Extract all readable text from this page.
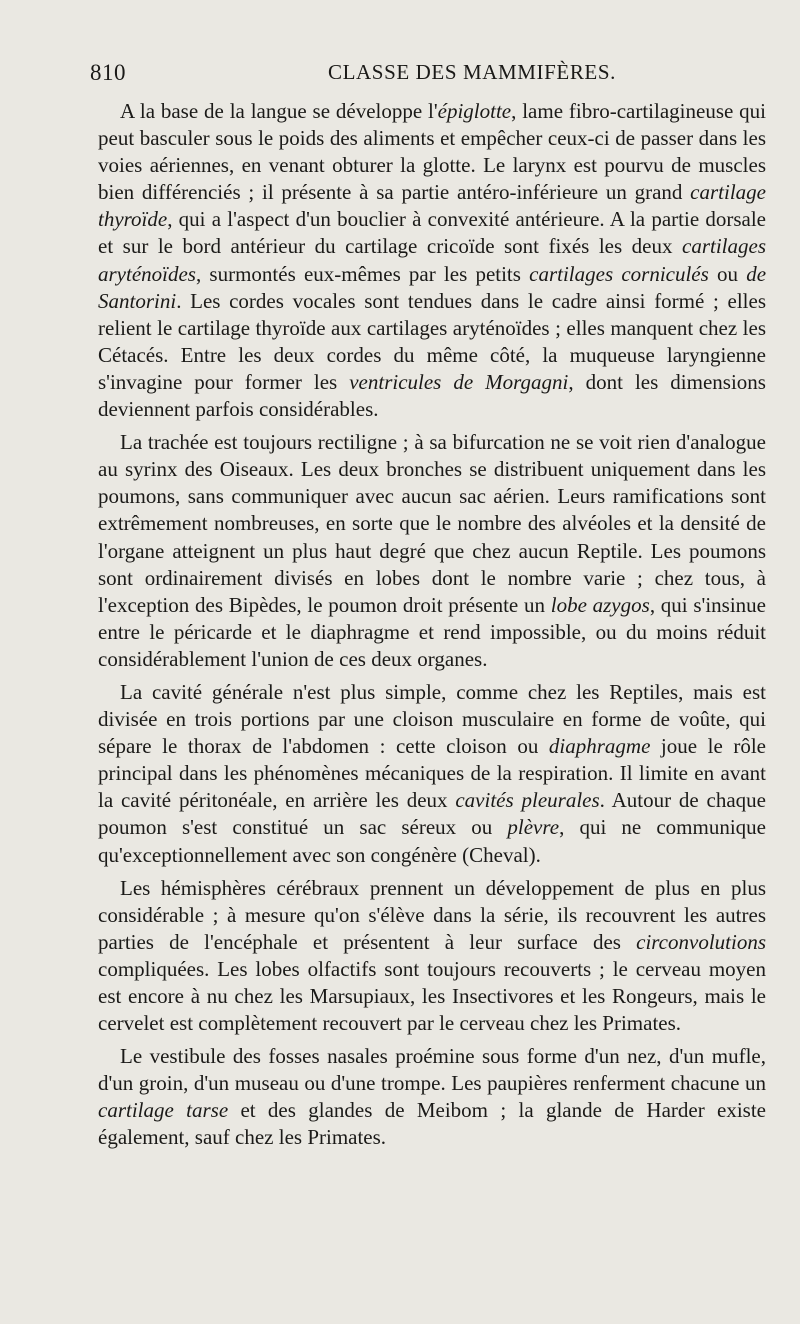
810	CLASSE DES MAMMIFÈRES.

A la base de la langue se développe l'épiglotte, lame fibro-cartilagineuse qui peut basculer sous le poids des aliments et empêcher ceux-ci de passer dans les voies aériennes, en venant obturer la glotte. Le larynx est pourvu de muscles bien différenciés ; il présente à sa partie antéro-inférieure un grand cartilage thyroïde, qui a l'aspect d'un bouclier à convexité antérieure. A la partie dorsale et sur le bord antérieur du cartilage cricoïde sont fixés les deux cartilages aryténoïdes, surmontés eux-mêmes par les petits cartilages corniculés ou de Santorini. Les cordes vocales sont tendues dans le cadre ainsi formé ; elles relient le cartilage thyroïde aux cartilages aryténoïdes ; elles manquent chez les Cétacés. Entre les deux cordes du même côté, la muqueuse laryngienne s'invagine pour former les ventricules de Morgagni, dont les dimensions deviennent parfois considérables.

La trachée est toujours rectiligne ; à sa bifurcation ne se voit rien d'analogue au syrinx des Oiseaux. Les deux bronches se distribuent uniquement dans les poumons, sans communiquer avec aucun sac aérien. Leurs ramifications sont extrêmement nombreuses, en sorte que le nombre des alvéoles et la densité de l'organe atteignent un plus haut degré que chez aucun Reptile. Les poumons sont ordinairement divisés en lobes dont le nombre varie ; chez tous, à l'exception des Bipèdes, le poumon droit présente un lobe azygos, qui s'insinue entre le péricarde et le diaphragme et rend impossible, ou du moins réduit considérablement l'union de ces deux organes.

La cavité générale n'est plus simple, comme chez les Reptiles, mais est divisée en trois portions par une cloison musculaire en forme de voûte, qui sépare le thorax de l'abdomen : cette cloison ou diaphragme joue le rôle principal dans les phénomènes mécaniques de la respiration. Il limite en avant la cavité péritonéale, en arrière les deux cavités pleurales. Autour de chaque poumon s'est constitué un sac séreux ou plèvre, qui ne communique qu'exceptionnellement avec son congénère (Cheval).

Les hémisphères cérébraux prennent un développement de plus en plus considérable ; à mesure qu'on s'élève dans la série, ils recouvrent les autres parties de l'encéphale et présentent à leur surface des circonvolutions compliquées. Les lobes olfactifs sont toujours recouverts ; le cerveau moyen est encore à nu chez les Marsupiaux, les Insectivores et les Rongeurs, mais le cervelet est complètement recouvert par le cerveau chez les Primates.

Le vestibule des fosses nasales proémine sous forme d'un nez, d'un mufle, d'un groin, d'un museau ou d'une trompe. Les paupières renferment chacune un cartilage tarse et des glandes de Meibom ; la glande de Harder existe également, sauf chez les Primates.
